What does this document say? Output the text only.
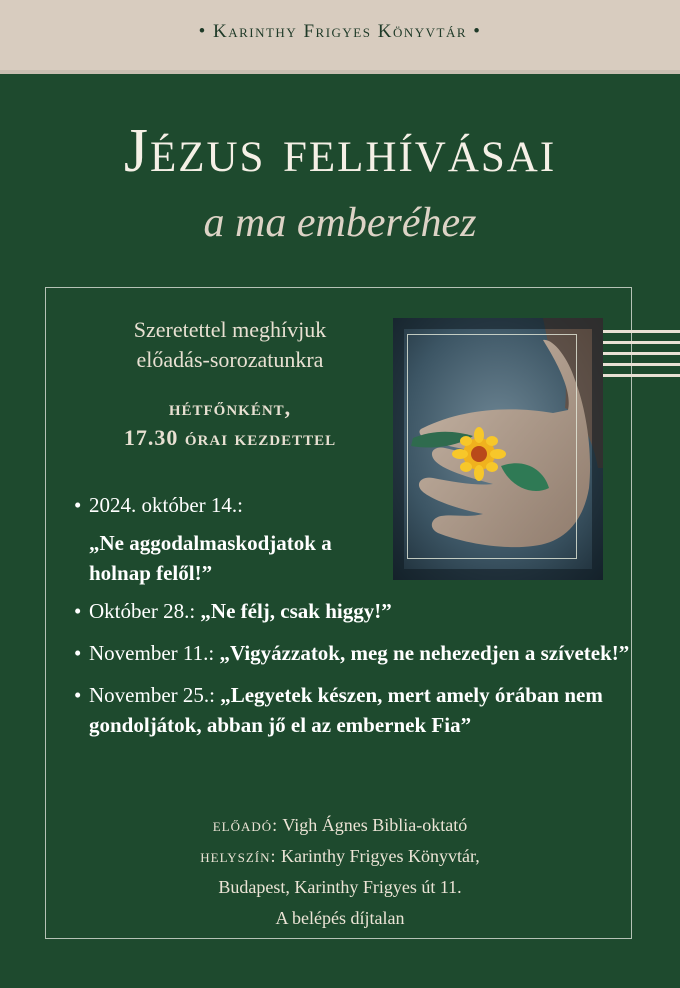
• Karinthy Frigyes Könyvtár •
Jézus felhívásai
a ma emberéhez
Szeretettel meghívjuk
előadás-sorozatunkra
hétfőnként,
17.30 órai kezdettel
• 2024. október 14.:
„Ne aggodalmaskodjatok a holnap felől!”
• Október 28.: „Ne félj, csak higgy!”
• November 11.: „Vigyázzatok, meg ne nehezedjen a szívetek!”
• November 25.: „Legyetek készen, mert amely órában nem gondoljátok, abban jő el az embernek Fia”
előadó: Vigh Ágnes Biblia-oktató
helyszín: Karinthy Frigyes Könyvtár,
Budapest, Karinthy Frigyes út 11.
A belépés díjtalan
